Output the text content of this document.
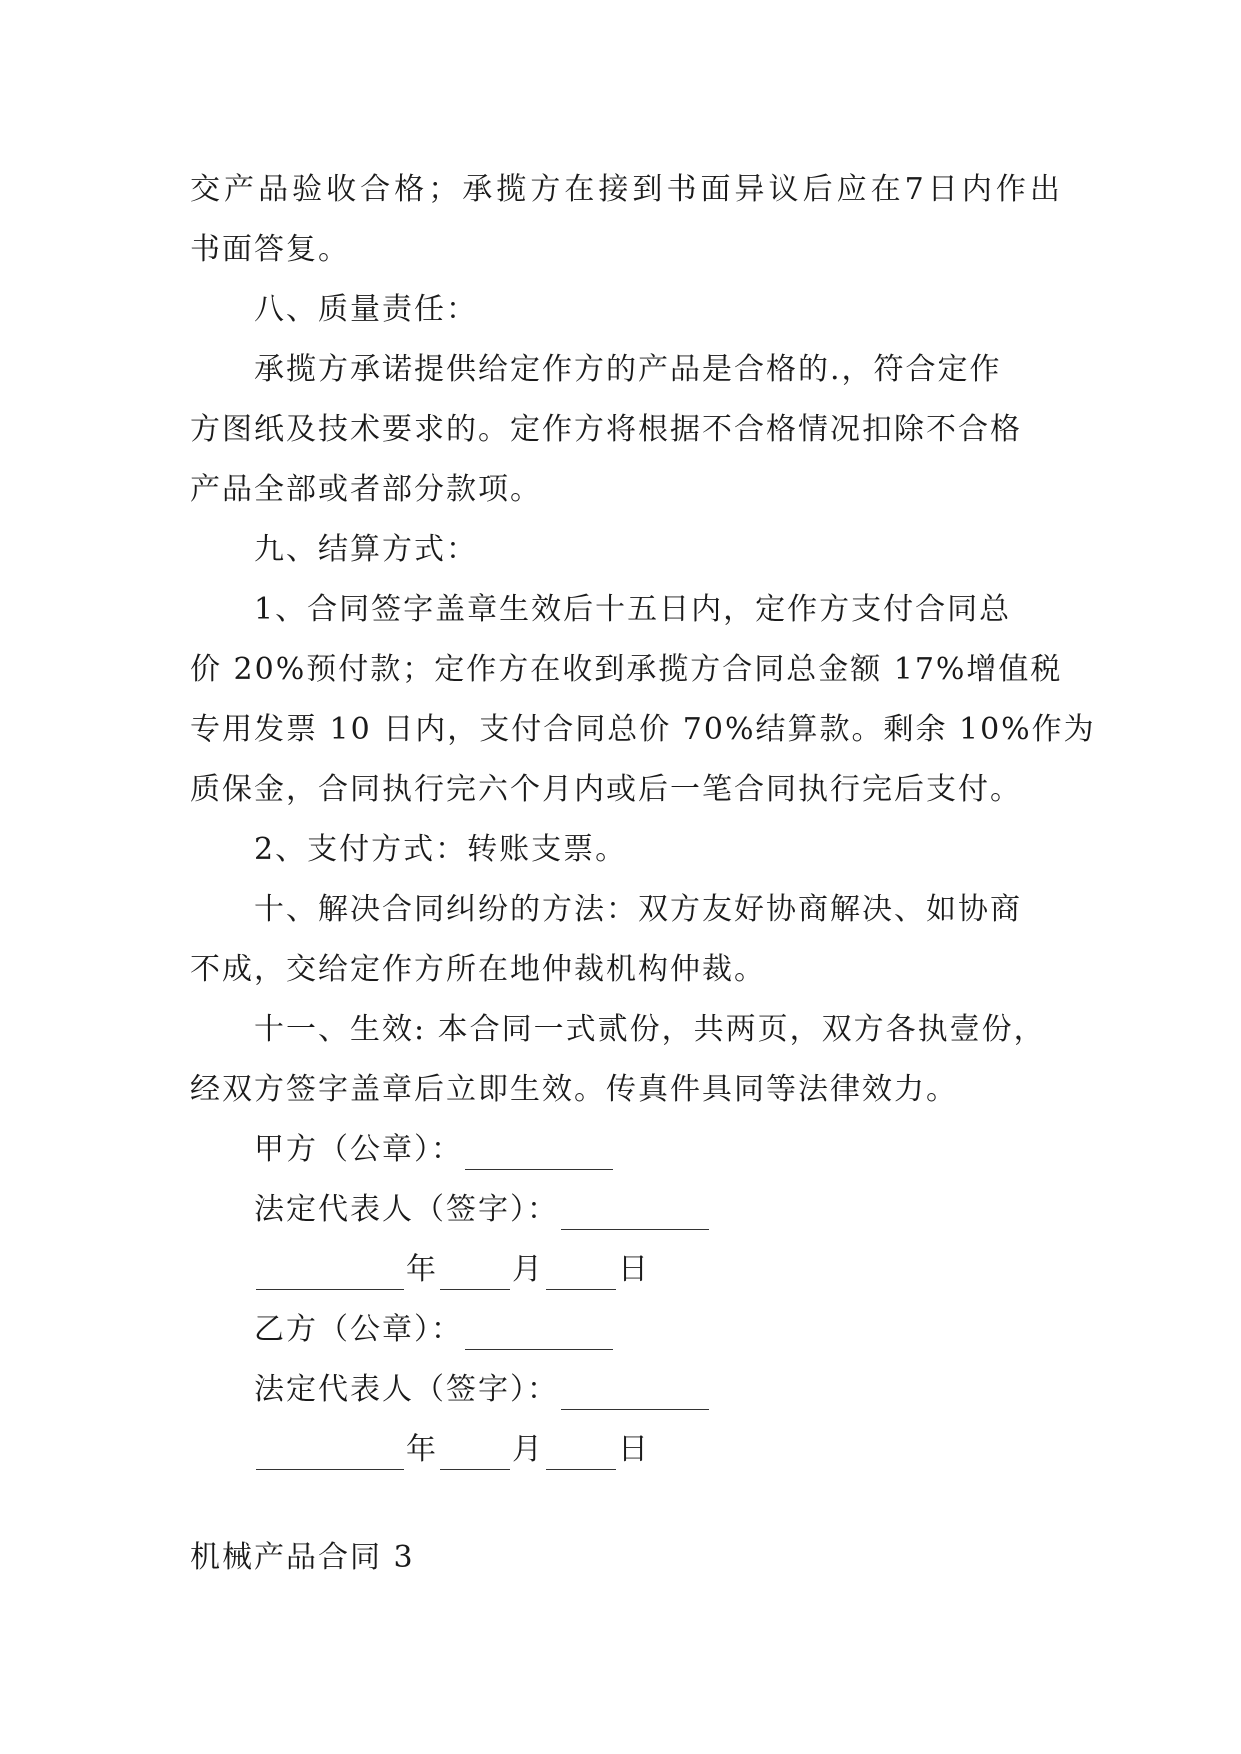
交 产 品 验 收 合 格 ； 承 揽 方 在 接 到 书 面 异 议 后 应 在 7 日 内 作 出
书面答复。
八、质量责任：
承揽方承诺提供给定作方的产品是合格的.，符合定作
方图纸及技术要求的。定作方将根据不合格情况扣除不合格
产品全部或者部分款项。
九、结算方式：
1、合同签字盖章生效后十五日内，定作方支付合同总
价 20%预付款；定作方在收到承揽方合同总金额 17%增值税
专用发票 10 日内，支付合同总价 70%结算款。剩余 10%作为
质保金，合同执行完六个月内或后一笔合同执行完后支付。
2、支付方式：转账支票。
十、解决合同纠纷的方法：双方友好协商解决、如协商
不成，交给定作方所在地仲裁机构仲裁。
十一、生效: 本合同一式贰份，共两页，双方各执壹份，
经双方签字盖章后立即生效。传真件具同等法律效力。
甲方（公章）：
法定代表人（签字）：
年 月 日
乙方（公章）：
法定代表人（签字）：
年 月 日
机械产品合同 3
